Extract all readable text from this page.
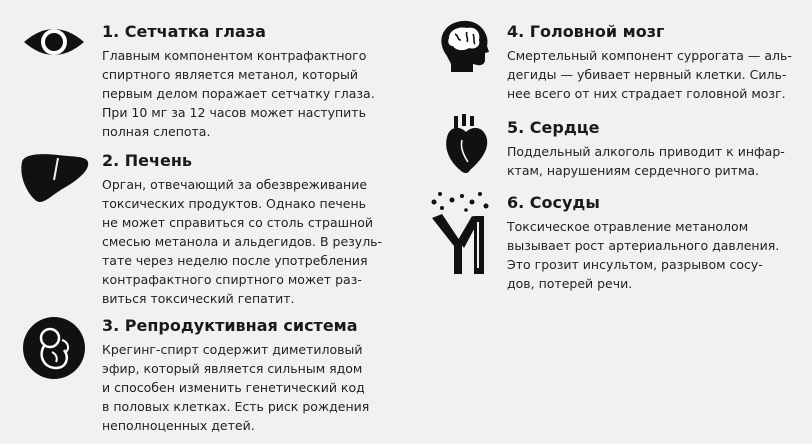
1. Сетчатка глаза
Главным компонентом контрафактного
спиртного является метанол, который
первым делом поражает сетчатку глаза.
При 10 мг за 12 часов может наступить
полная слепота.
2. Печень
Орган, отвечающий за обезвреживание
токсических продуктов. Однако печень
не может справиться со столь страшной
смесью метанола и альдегидов. В резуль-
тате через неделю после употребления
контрафактного спиртного может раз-
виться токсический гепатит.
3. Репродуктивная система
Крегинг-спирт содержит диметиловый
эфир, который является сильным ядом
и способен изменить генетический код
в половых клетках. Есть риск рождения
неполноценных детей.
4. Головной мозг
Смертельный компонент суррогата — аль-
дегиды — убивает нервный клетки. Силь-
нее всего от них страдает головной мозг.
5. Сердце
Поддельный алкоголь приводит к инфар-
ктам, нарушениям сердечного ритма.
6. Сосуды
Токсическое отравление метанолом
вызывает рост артериального давления.
Это грозит инсультом, разрывом сосу-
дов, потерей речи.
